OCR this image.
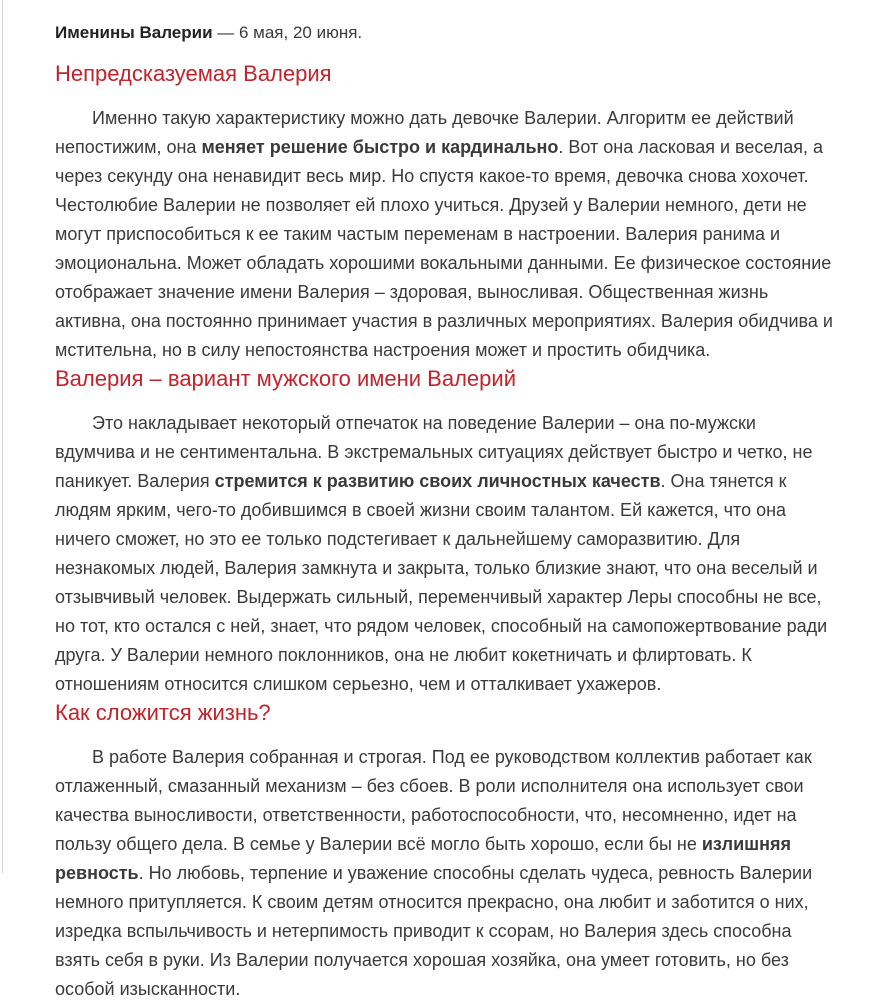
Именины Валерии — 6 мая, 20 июня.

Непредсказуемая Валерия

Именно такую характеристику можно дать девочке Валерии. Алгоритм ее действий непостижим, она меняет решение быстро и кардинально. Вот она ласковая и веселая, а через секунду она ненавидит весь мир. Но спустя какое-то время, девочка снова хохочет. Честолюбие Валерии не позволяет ей плохо учиться. Друзей у Валерии немного, дети не могут приспособиться к ее таким частым переменам в настроении. Валерия ранима и эмоциональна. Может обладать хорошими вокальными данными. Ее физическое состояние отображает значение имени Валерия – здоровая, выносливая. Общественная жизнь активна, она постоянно принимает участия в различных мероприятиях. Валерия обидчива и мстительна, но в силу непостоянства настроения может и простить обидчика.

Валерия – вариант мужского имени Валерий

Это накладывает некоторый отпечаток на поведение Валерии – она по-мужски вдумчива и не сентиментальна. В экстремальных ситуациях действует быстро и четко, не паникует. Валерия стремится к развитию своих личностных качеств. Она тянется к людям ярким, чего-то добившимся в своей жизни своим талантом. Ей кажется, что она ничего сможет, но это ее только подстегивает к дальнейшему саморазвитию. Для незнакомых людей, Валерия замкнута и закрыта, только близкие знают, что она веселый и отзывчивый человек. Выдержать сильный, переменчивый характер Леры способны не все, но тот, кто остался с ней, знает, что рядом человек, способный на самопожертвование ради друга. У Валерии немного поклонников, она не любит кокетничать и флиртовать. К отношениям относится слишком серьезно, чем и отталкивает ухажеров.

Как сложится жизнь?

В работе Валерия собранная и строгая. Под ее руководством коллектив работает как отлаженный, смазанный механизм – без сбоев. В роли исполнителя она использует свои качества выносливости, ответственности, работоспособности, что, несомненно, идет на пользу общего дела. В семье у Валерии всё могло быть хорошо, если бы не излишняя ревность. Но любовь, терпение и уважение способны сделать чудеса, ревность Валерии немного притупляется. К своим детям относится прекрасно, она любит и заботится о них, изредка вспыльчивость и нетерпимость приводит к ссорам, но Валерия здесь способна взять себя в руки. Из Валерии получается хорошая хозяйка, она умеет готовить, но без особой изысканности.
